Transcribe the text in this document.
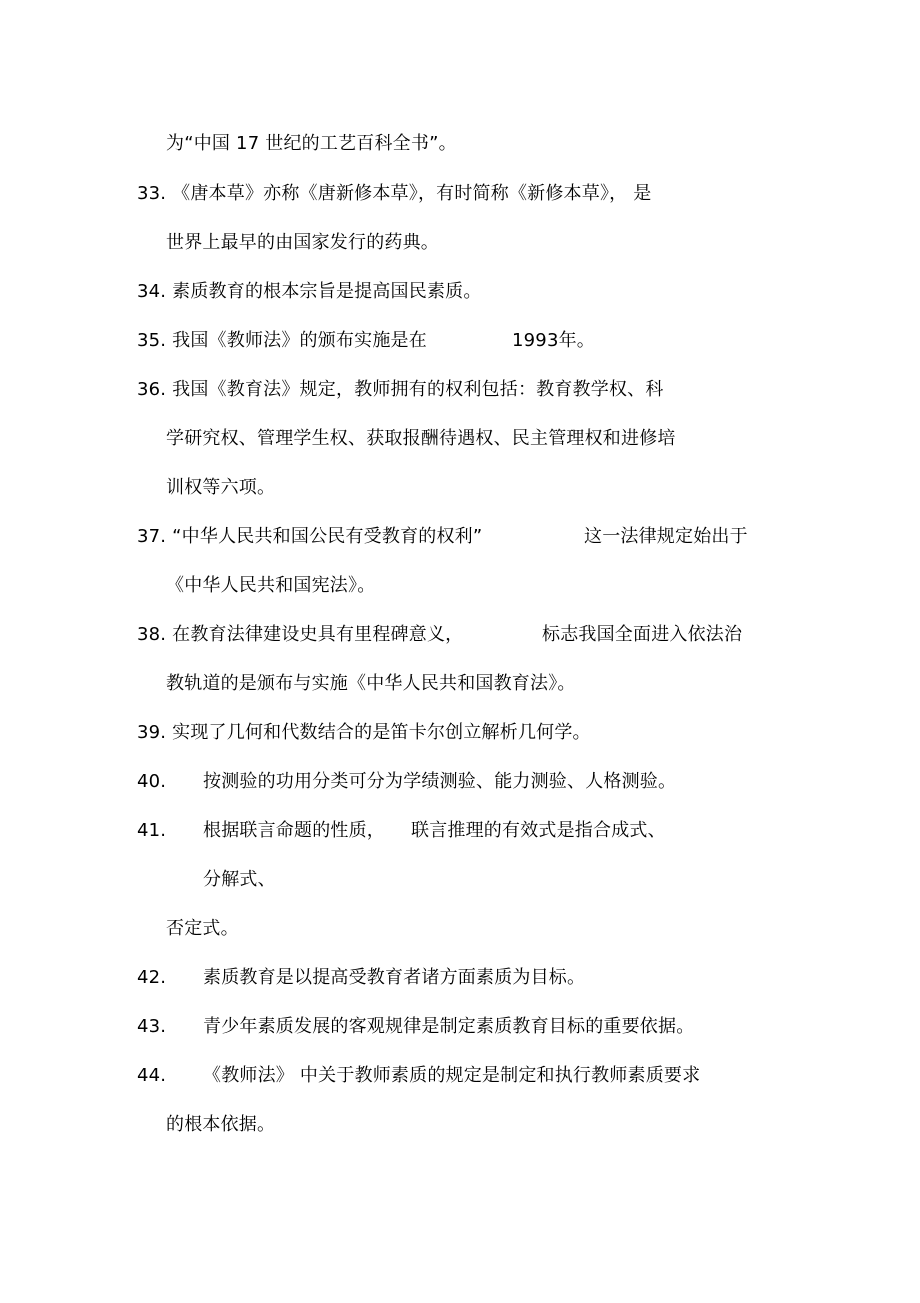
为“中国 17 世纪的工艺百科全书”。
33. 《唐本草》亦称《唐新修本草》，有时简称《新修本草》， 是
世界上最早的由国家发行的药典。
34. 素质教育的根本宗旨是提高国民素质。
35. 我国《教师法》的颁布实施是在	1993年。
36. 我国《教育法》规定，教师拥有的权利包括：教育教学权、科
学研究权、管理学生权、获取报酬待遇权、民主管理权和进修培
训权等六项。
37. “中华人民共和国公民有受教育的权利”	这一法律规定始出于
《中华人民共和国宪法》。
38. 在教育法律建设史具有里程碑意义，	标志我国全面进入依法治
教轨道的是颁布与实施《中华人民共和国教育法》。
39. 实现了几何和代数结合的是笛卡尔创立解析几何学。
40. 按测验的功用分类可分为学绩测验、能力测验、人格测验。
41. 根据联言命题的性质， 联言推理的有效式是指合成式、
分解式、
否定式。
42. 素质教育是以提高受教育者诸方面素质为目标。
43. 青少年素质发展的客观规律是制定素质教育目标的重要依据。
44. 《教师法》 中关于教师素质的规定是制定和执行教师素质要求
的根本依据。
